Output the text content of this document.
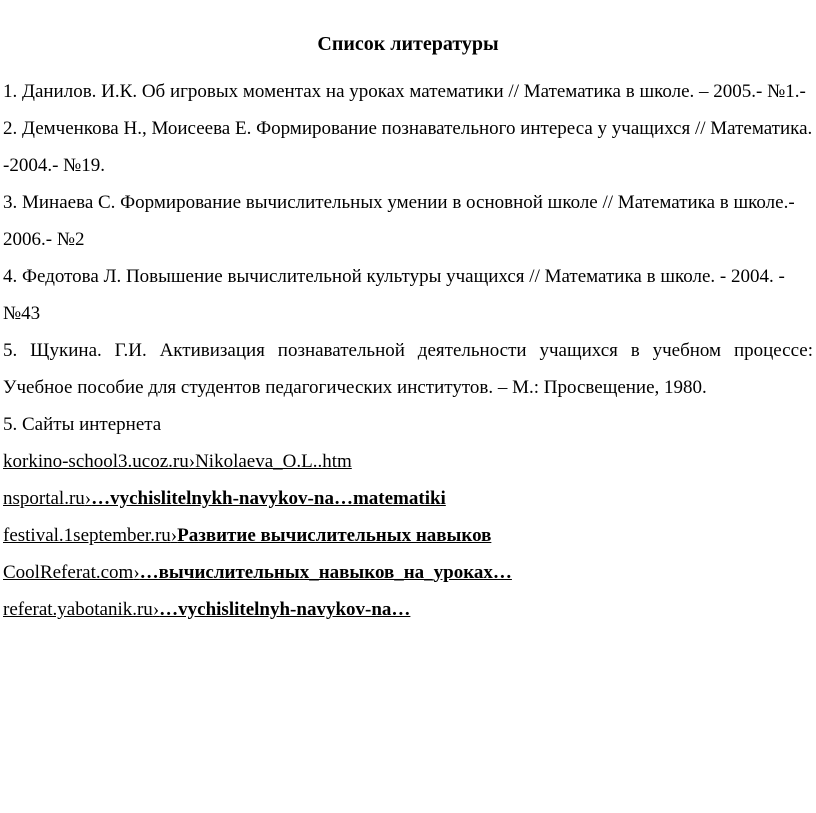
Список литературы

1. Данилов. И.К. Об игровых моментах на уроках математики // Математика в школе. – 2005.- №1.-

2. Демченкова Н., Моисеева Е. Формирование познавательного интереса у учащихся // Математика. -2004.- №19.

3. Минаева С. Формирование вычислительных умении в основной школе // Математика в школе.- 2006.- №2

4. Федотова Л. Повышение вычислительной культуры учащихся // Математика в школе. - 2004. - №43

5. Щукина. Г.И. Активизация познавательной деятельности учащихся в учебном процессе: Учебное пособие для студентов педагогических институтов. – М.: Просвещение, 1980.

5. Сайты интернета

korkino-school3.ucoz.ru›Nikolaeva_O.L..htm

nsportal.ru›…vychislitelnykh-navykov-na…matematiki

festival.1september.ru›Развитие вычислительных навыков

CoolReferat.com›…вычислительных_навыков_на_уроках…

referat.yabotanik.ru›…vychislitelnyh-navykov-na…
